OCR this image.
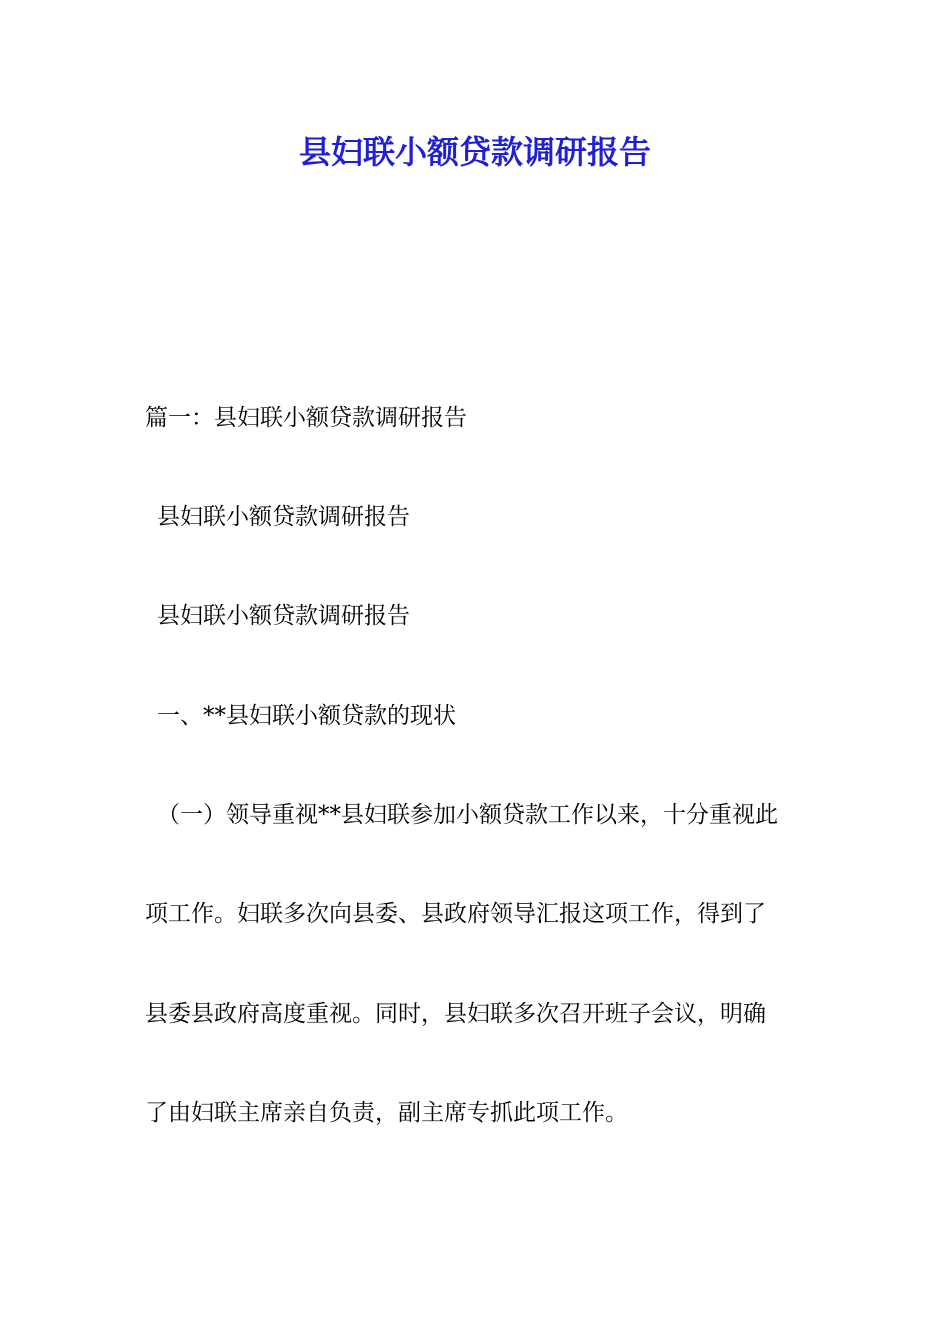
县妇联小额贷款调研报告

篇一：县妇联小额贷款调研报告

县妇联小额贷款调研报告

县妇联小额贷款调研报告

一、**县妇联小额贷款的现状

（一）领导重视**县妇联参加小额贷款工作以来，十分重视此

项工作。妇联多次向县委、县政府领导汇报这项工作，得到了

县委县政府高度重视。同时，县妇联多次召开班子会议，明确

了由妇联主席亲自负责，副主席专抓此项工作。
